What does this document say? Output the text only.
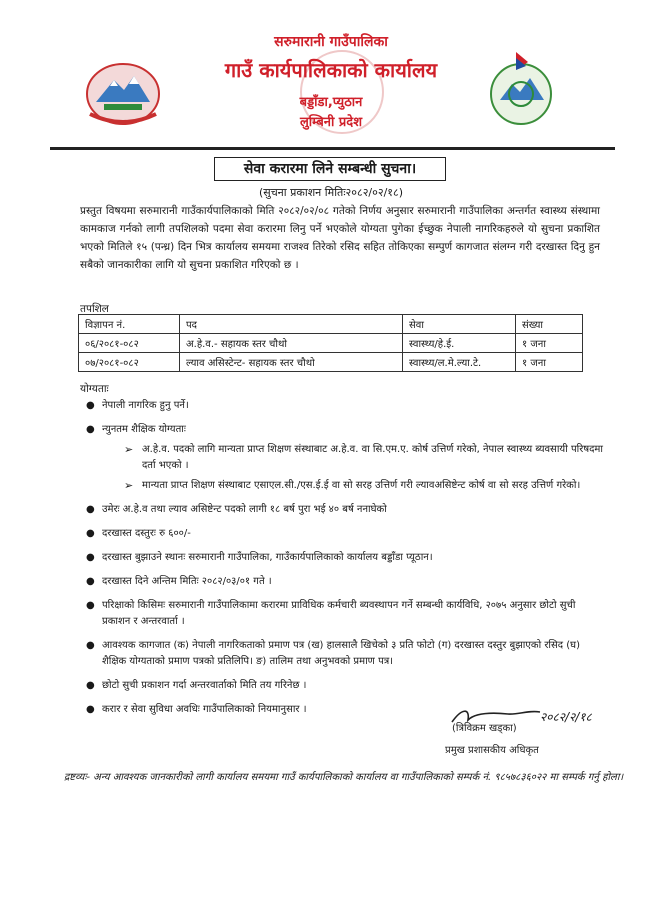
सरुमारानी गाउँपालिका
गाउँ कार्यपालिकाको कार्यालय
बड्डाँडा,प्युठान
लुम्बिनी प्रदेश
सेवा करारमा लिने सम्बन्धी सुचना।
(सुचना प्रकाशन मितिः२०८२/०२/१८)
प्रस्तुत विषयमा सरुमारानी गाउँकार्यपालिकाको मिति २०८२/०२/०८ गतेको निर्णय अनुसार सरुमारानी गाउँपालिका अन्तर्गत स्वास्थ्य संस्थामा कामकाज गर्नको लागी तपशिलको पदमा सेवा करारमा लिनु पर्ने भएकोले योग्यता पुगेका ईच्छुक नेपाली नागरिकहरुले यो सुचना प्रकाशित भएको मितिले १५ (पन्ध्र) दिन भित्र कार्यालय समयमा राजश्व तिरेको रसिद सहित तोकिएका सम्पुर्ण कागजात संलग्न गरी दरखास्त दिनु हुन सबैको जानकारीका लागि यो सुचना प्रकाशित गरिएको छ ।
तपशिल
विज्ञापन नं.	पद	सेवा	संख्या
०६/२०८१-०८२	अ.हे.व.- सहायक स्तर चौथो	स्वास्थ्य/हे.ई.	१ जना
०७/२०८१-०८२	ल्याव असिस्टेन्ट- सहायक स्तर चौथो	स्वास्थ्य/ल.मे.ल्या.टे.	१ जना
योग्यताः
● नेपाली नागरिक हुनु पर्ने।
● न्युनतम शैक्षिक योग्यताः
➢ अ.हे.व. पदको लागि मान्यता प्राप्त शिक्षण संस्थाबाट अ.हे.व. वा सि.एम.ए. कोर्ष उत्तिर्ण गरेको, नेपाल स्वास्थ्य ब्यवसायी परिषदमा दर्ता भएको ।
➢ मान्यता प्राप्त शिक्षण संस्थाबाट एसाएल.सी./एस.ई.ई वा सो सरह उत्तिर्ण गरी ल्यावअसिष्टेन्ट कोर्ष वा सो सरह उत्तिर्ण गरेको।
● उमेरः अ.हे.व तथा ल्याव असिष्टेन्ट पदको लागी १८ बर्ष पुरा भई ४० बर्ष ननाघेको
● दरखास्त दस्तुरः रु ६००/-
● दरखास्त बुझाउने स्थानः सरुमारानी गाउँपालिका, गाउँकार्यपालिकाको कार्यालय बड्डाँडा प्यूठान।
● दरखास्त दिने अन्तिम मितिः २०८२/०३/०१ गते ।
● परिक्षाको किसिमः सरुमारानी गाउँपालिकामा करारमा प्राविधिक कर्मचारी ब्यवस्थापन गर्ने सम्बन्धी कार्यविधि, २०७५ अनुसार छोटो सुची प्रकाशन र अन्तरवार्ता ।
● आवश्यक कागजात (क) नेपाली नागरिकताको प्रमाण पत्र (ख) हालसालै खिचेको ३ प्रति फोटो (ग) दरखास्त दस्तुर बुझाएको रसिद (घ) शैक्षिक योग्यताको प्रमाण पत्रको प्रतिलिपि। ङ) तालिम तथा अनुभवको प्रमाण पत्र।
● छोटो सुची प्रकाशन गर्दा अन्तरवार्ताको मिति तय गरिनेछ ।
● करार र सेवा सुविधा अवधिः गाउँपालिकाको नियमानुसार ।
२०८२/२/१८
(त्रिविक्रम खड्का)
प्रमुख प्रशासकीय अधिकृत
द्रष्टव्यः- अन्य आवश्यक जानकारीको लागी कार्यालय समयमा गाउँ कार्यपालिकाको कार्यालय वा गाउँपालिकाको सम्पर्क नं. ९८५७८३६०२२ मा सम्पर्क गर्नु होला।
